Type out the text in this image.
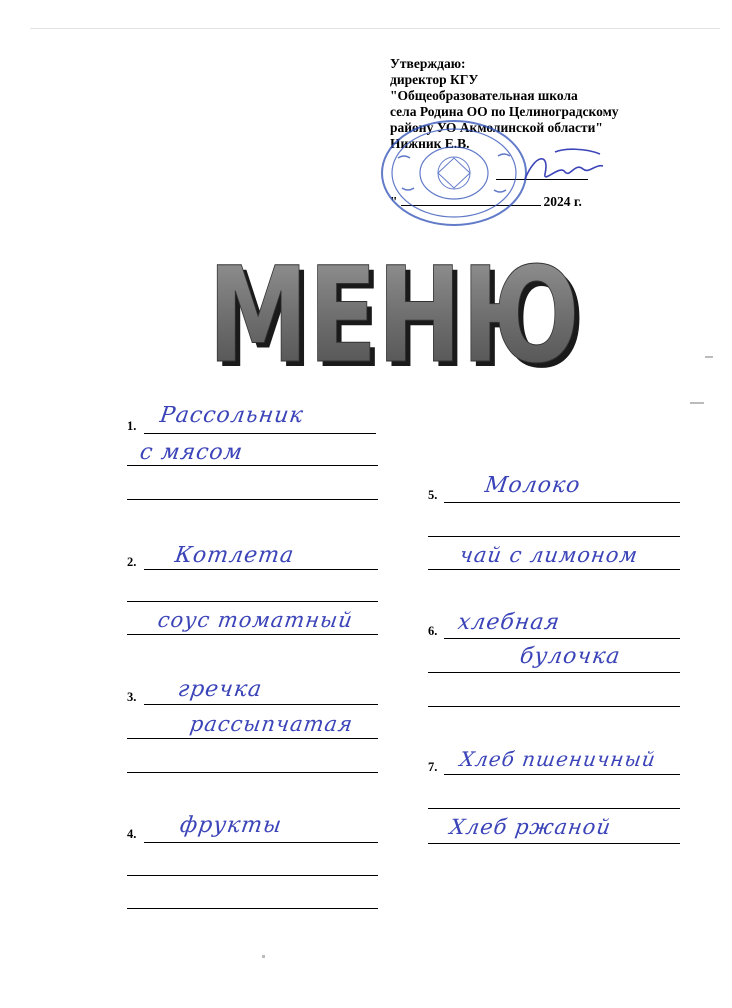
Утверждаю:
директор КГУ
"Общеобразовательная школа
села Родина ОО по Целиноградскому
району УО Акмолинской области"
Нижник Е.В.
"	2024 г.
МЕНЮ
МЕНЮ
1. Рассольник
с мясом
2. Котлета
соус томатный
3. гречка
рассыпчатая
4. фрукты
5. Молоко
чай с лимоном
6. хлебная
булочка
7. Хлеб пшеничный
Хлеб ржаной
